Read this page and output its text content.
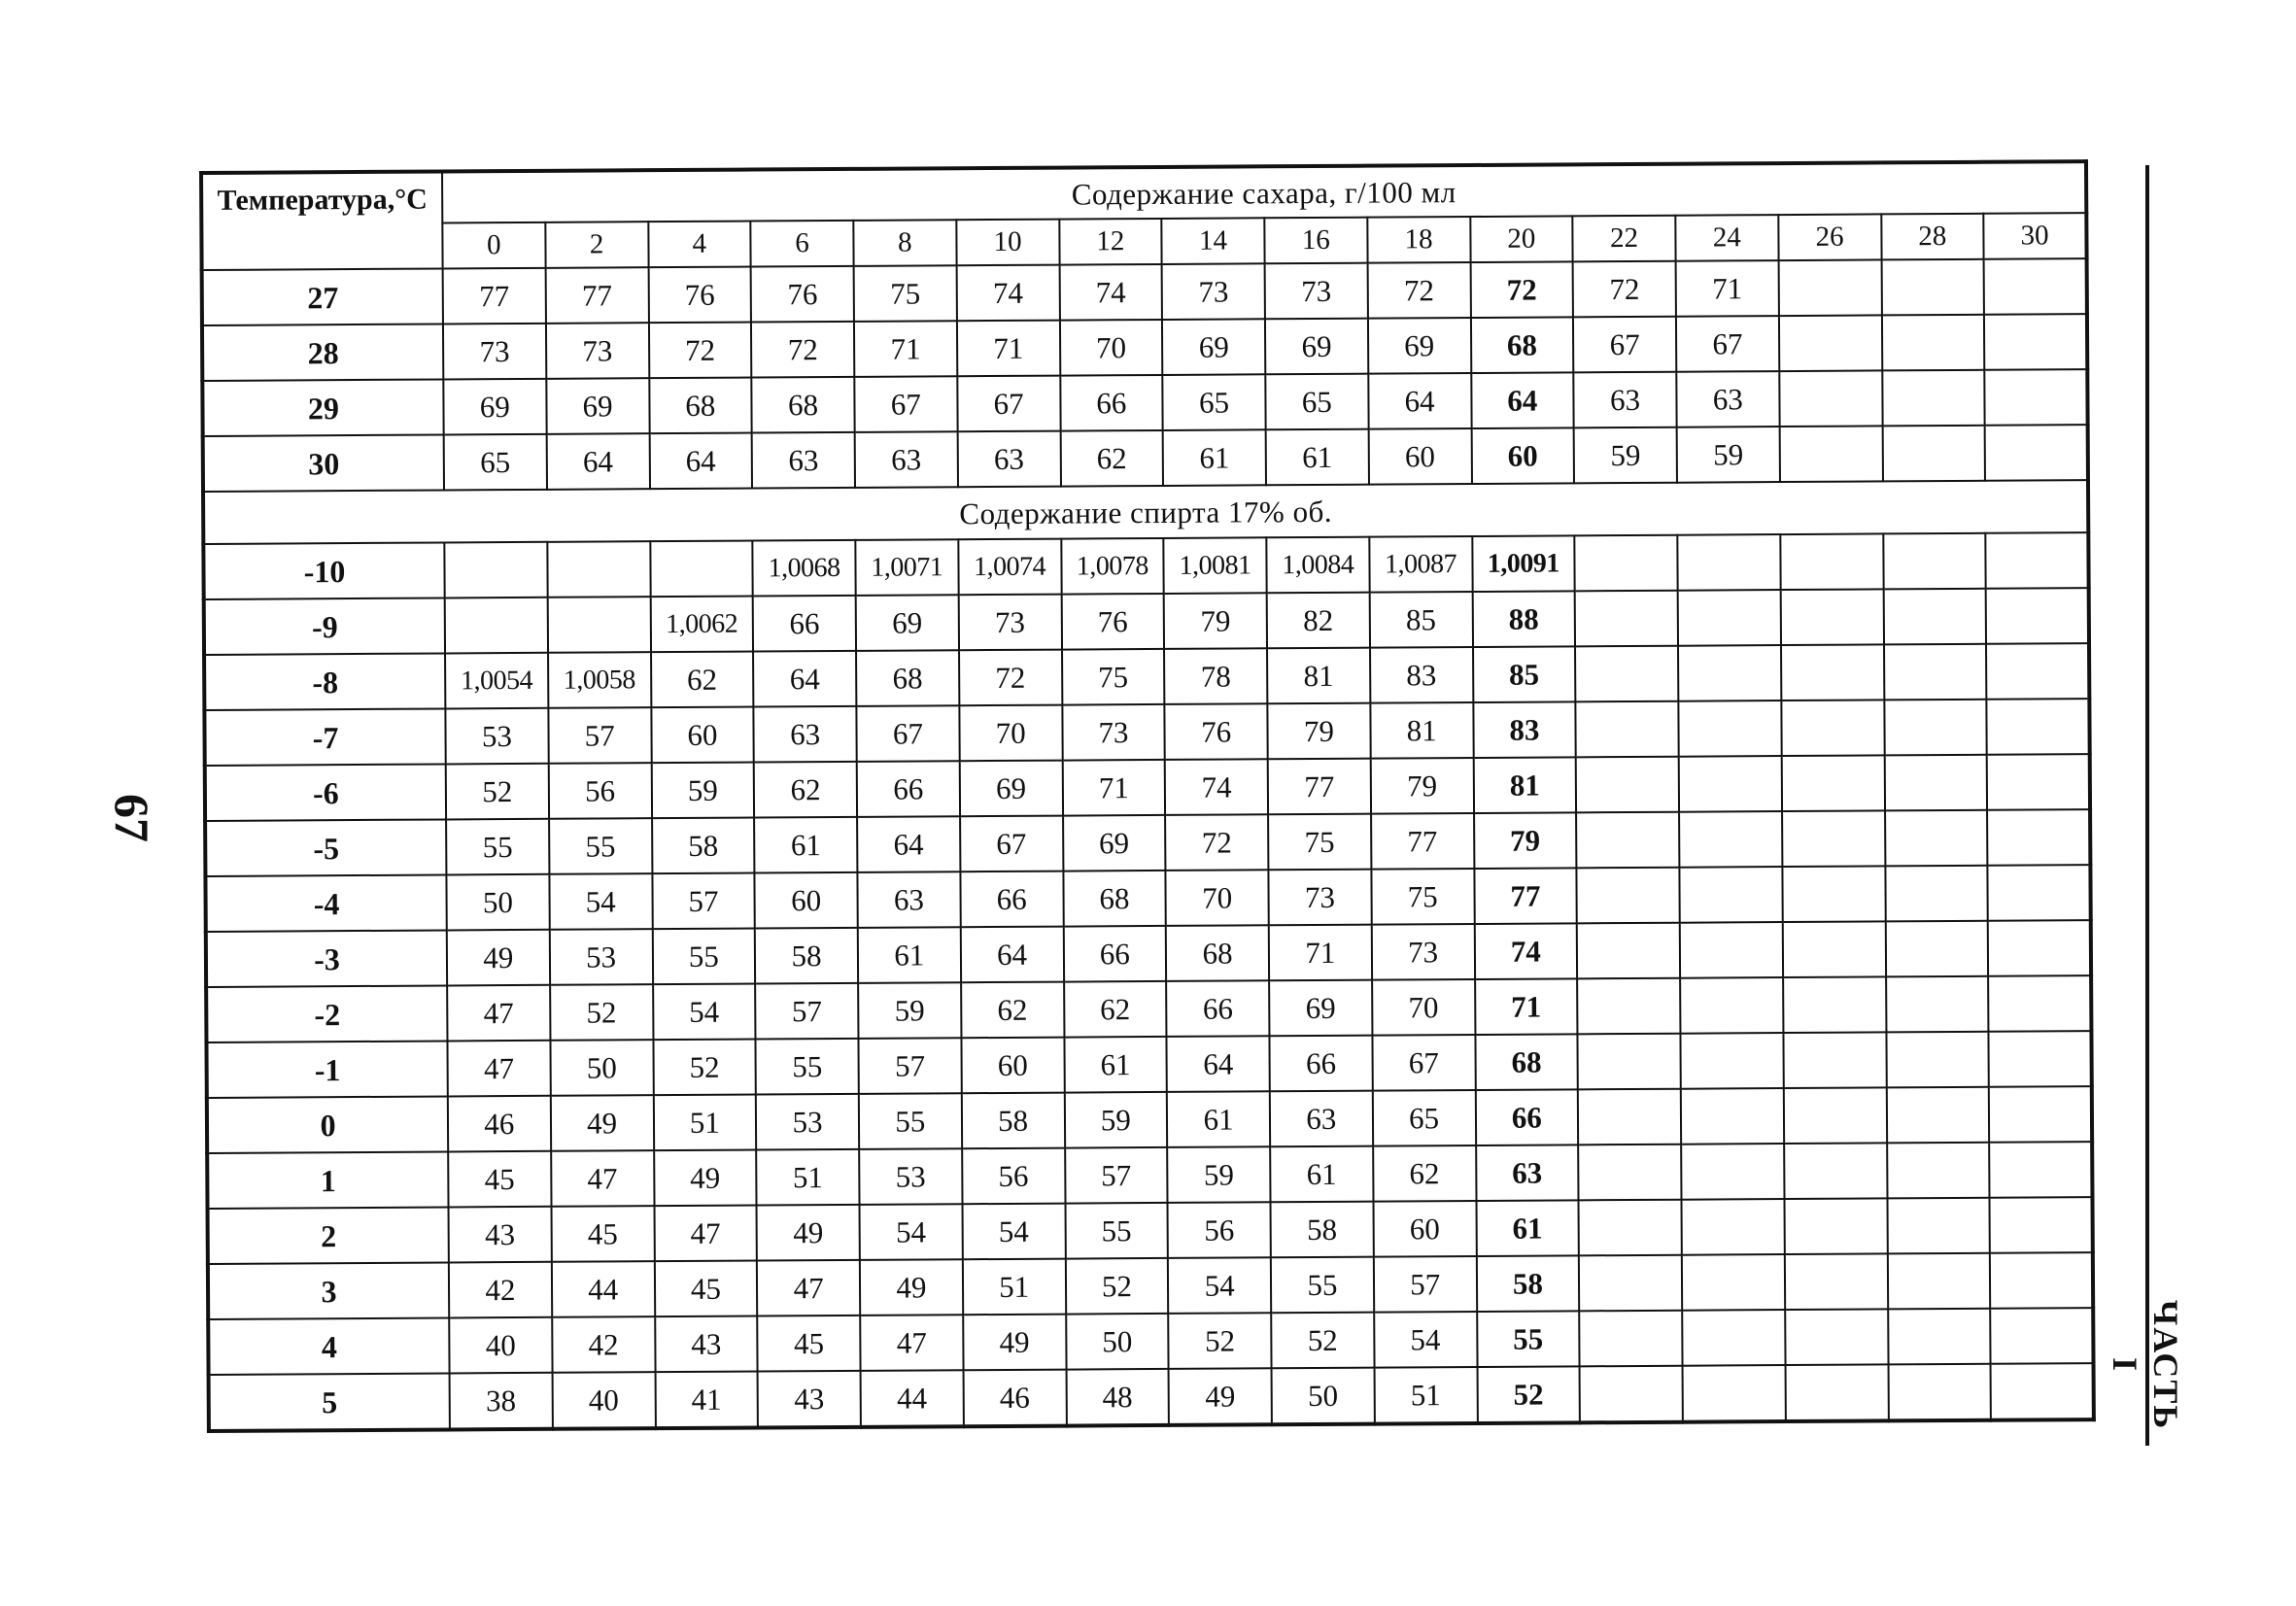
67
ЧАСТЬ I
Температура,°С	Содержание сахара, г/100 мл															
	0	2	4	6	8	10	12	14	16	18	20	22	24	26	28	30
27	77	77	76	76	75	74	74	73	73	72	72	72	71			
28	73	73	72	72	71	71	70	69	69	69	68	67	67			
29	69	69	68	68	67	67	66	65	65	64	64	63	63			
30	65	64	64	63	63	63	62	61	61	60	60	59	59			
Содержание спирта 17% об.																
-10				1,0068	1,0071	1,0074	1,0078	1,0081	1,0084	1,0087	1,0091					
-9			1,0062	66	69	73	76	79	82	85	88					
-8	1,0054	1,0058	62	64	68	72	75	78	81	83	85					
-7	53	57	60	63	67	70	73	76	79	81	83					
-6	52	56	59	62	66	69	71	74	77	79	81					
-5	55	55	58	61	64	67	69	72	75	77	79					
-4	50	54	57	60	63	66	68	70	73	75	77					
-3	49	53	55	58	61	64	66	68	71	73	74					
-2	47	52	54	57	59	62	62	66	69	70	71					
-1	47	50	52	55	57	60	61	64	66	67	68					
0	46	49	51	53	55	58	59	61	63	65	66					
1	45	47	49	51	53	56	57	59	61	62	63					
2	43	45	47	49	54	54	55	56	58	60	61					
3	42	44	45	47	49	51	52	54	55	57	58					
4	40	42	43	45	47	49	50	52	52	54	55					
5	38	40	41	43	44	46	48	49	50	51	52					
